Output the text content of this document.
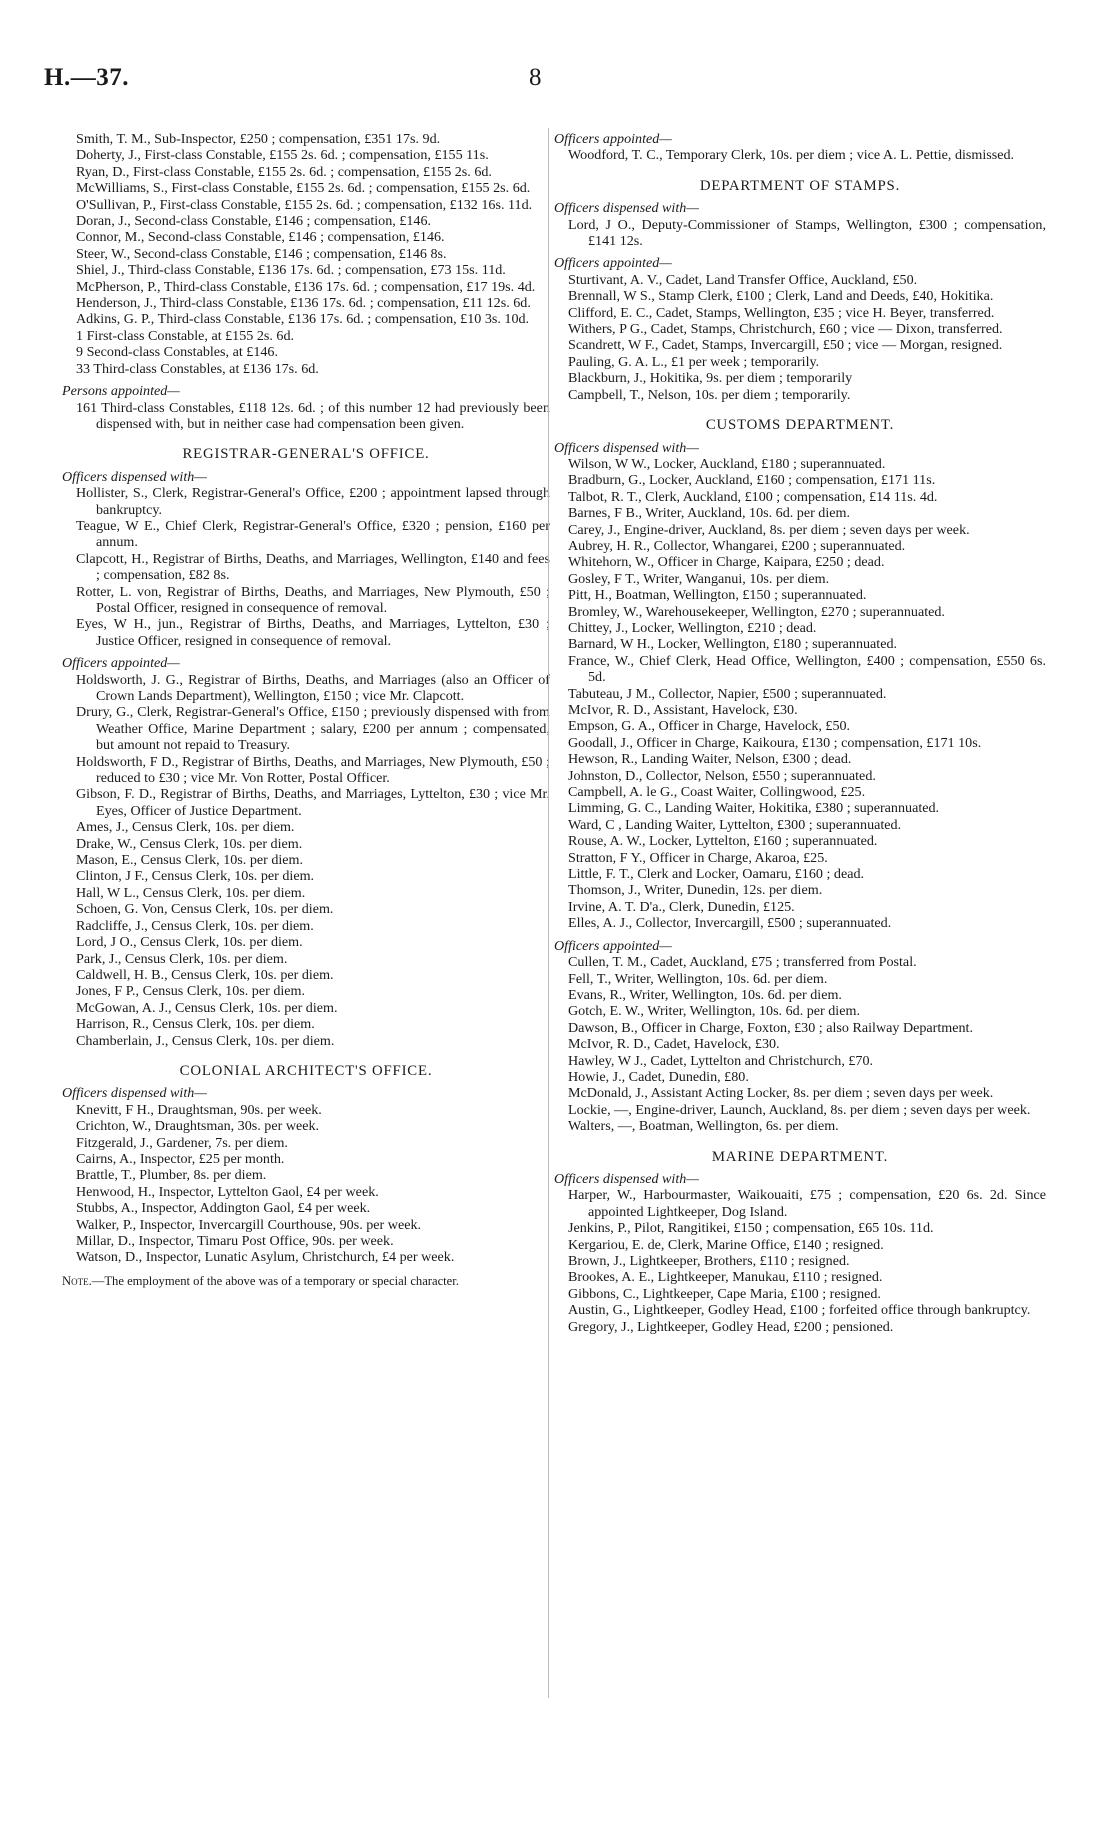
H.—37.	8
Smith, T. M., Sub-Inspector, £250 ; compensation, £351 17s. 9d.
Doherty, J., First-class Constable, £155 2s. 6d. ; compensation, £155 11s.
Ryan, D., First-class Constable, £155 2s. 6d. ; compensation, £155 2s. 6d.
McWilliams, S., First-class Constable, £155 2s. 6d. ; compensation, £155 2s. 6d.
O'Sullivan, P., First-class Constable, £155 2s. 6d. ; compensation, £132 16s. 11d.
Doran, J., Second-class Constable, £146 ; compensation, £146.
Connor, M., Second-class Constable, £146 ; compensation, £146.
Steer, W., Second-class Constable, £146 ; compensation, £146 8s.
Shiel, J., Third-class Constable, £136 17s. 6d. ; compensation, £73 15s. 11d.
McPherson, P., Third-class Constable, £136 17s. 6d. ; compensation, £17 19s. 4d.
Henderson, J., Third-class Constable, £136 17s. 6d. ; compensation, £11 12s. 6d.
Adkins, G. P., Third-class Constable, £136 17s. 6d. ; compensation, £10 3s. 10d.
1 First-class Constable, at £155 2s. 6d.
9 Second-class Constables, at £146.
33 Third-class Constables, at £136 17s. 6d.
Persons appointed—
161 Third-class Constables, £118 12s. 6d. ; of this number 12 had previously been dispensed with, but in neither case had compensation been given.
REGISTRAR-GENERAL'S OFFICE.
Officers dispensed with—
Hollister, S., Clerk, Registrar-General's Office, £200 ; appointment lapsed through bankruptcy.
Teague, W E., Chief Clerk, Registrar-General's Office, £320 ; pension, £160 per annum.
Clapcott, H., Registrar of Births, Deaths, and Marriages, Wellington, £140 and fees ; compensation, £82 8s.
Rotter, L. von, Registrar of Births, Deaths, and Marriages, New Plymouth, £50 ; Postal Officer, resigned in consequence of removal.
Eyes, W H., jun., Registrar of Births, Deaths, and Marriages, Lyttelton, £30 ; Justice Officer, resigned in consequence of removal.
Officers appointed—
Holdsworth, J. G., Registrar of Births, Deaths, and Marriages (also an Officer of Crown Lands Department), Wellington, £150 ; vice Mr. Clapcott.
Drury, G., Clerk, Registrar-General's Office, £150 ; previously dispensed with from Weather Office, Marine Department ; salary, £200 per annum ; compensated, but amount not repaid to Treasury.
Holdsworth, F D., Registrar of Births, Deaths, and Marriages, New Plymouth, £50 ; reduced to £30 ; vice Mr. Von Rotter, Postal Officer.
Gibson, F. D., Registrar of Births, Deaths, and Marriages, Lyttelton, £30 ; vice Mr. Eyes, Officer of Justice Department.
Ames, J., Census Clerk, 10s. per diem.
Drake, W., Census Clerk, 10s. per diem.
Mason, E., Census Clerk, 10s. per diem.
Clinton, J F., Census Clerk, 10s. per diem.
Hall, W L., Census Clerk, 10s. per diem.
Schoen, G. Von, Census Clerk, 10s. per diem.
Radcliffe, J., Census Clerk, 10s. per diem.
Lord, J O., Census Clerk, 10s. per diem.
Park, J., Census Clerk, 10s. per diem.
Caldwell, H. B., Census Clerk, 10s. per diem.
Jones, F P., Census Clerk, 10s. per diem.
McGowan, A. J., Census Clerk, 10s. per diem.
Harrison, R., Census Clerk, 10s. per diem.
Chamberlain, J., Census Clerk, 10s. per diem.
COLONIAL ARCHITECT'S OFFICE.
Officers dispensed with—
Knevitt, F H., Draughtsman, 90s. per week.
Crichton, W., Draughtsman, 30s. per week.
Fitzgerald, J., Gardener, 7s. per diem.
Cairns, A., Inspector, £25 per month.
Brattle, T., Plumber, 8s. per diem.
Henwood, H., Inspector, Lyttelton Gaol, £4 per week.
Stubbs, A., Inspector, Addington Gaol, £4 per week.
Walker, P., Inspector, Invercargill Courthouse, 90s. per week.
Millar, D., Inspector, Timaru Post Office, 90s. per week.
Watson, D., Inspector, Lunatic Asylum, Christchurch, £4 per week.
Note.—The employment of the above was of a temporary or special character.
Officers appointed—
Woodford, T. C., Temporary Clerk, 10s. per diem ; vice A. L. Pettie, dismissed.
DEPARTMENT OF STAMPS.
Officers dispensed with—
Lord, J O., Deputy-Commissioner of Stamps, Wellington, £300 ; compensation, £141 12s.
Officers appointed—
Sturtivant, A. V., Cadet, Land Transfer Office, Auckland, £50.
Brennall, W S., Stamp Clerk, £100 ; Clerk, Land and Deeds, £40, Hokitika.
Clifford, E. C., Cadet, Stamps, Wellington, £35 ; vice H. Beyer, transferred.
Withers, P G., Cadet, Stamps, Christchurch, £60 ; vice — Dixon, transferred.
Scandrett, W F., Cadet, Stamps, Invercargill, £50 ; vice — Morgan, resigned.
Pauling, G. A. L., £1 per week ; temporarily.
Blackburn, J., Hokitika, 9s. per diem ; temporarily
Campbell, T., Nelson, 10s. per diem ; temporarily.
CUSTOMS DEPARTMENT.
Officers dispensed with—
Wilson, W W., Locker, Auckland, £180 ; superannuated.
Bradburn, G., Locker, Auckland, £160 ; compensation, £171 11s.
Talbot, R. T., Clerk, Auckland, £100 ; compensation, £14 11s. 4d.
Barnes, F B., Writer, Auckland, 10s. 6d. per diem.
Carey, J., Engine-driver, Auckland, 8s. per diem ; seven days per week.
Aubrey, H. R., Collector, Whangarei, £200 ; superannuated.
Whitehorn, W., Officer in Charge, Kaipara, £250 ; dead.
Gosley, F T., Writer, Wanganui, 10s. per diem.
Pitt, H., Boatman, Wellington, £150 ; superannuated.
Bromley, W., Warehousekeeper, Wellington, £270 ; superannuated.
Chittey, J., Locker, Wellington, £210 ; dead.
Barnard, W H., Locker, Wellington, £180 ; superannuated.
France, W., Chief Clerk, Head Office, Wellington, £400 ; compensation, £550 6s. 5d.
Tabuteau, J M., Collector, Napier, £500 ; superannuated.
McIvor, R. D., Assistant, Havelock, £30.
Empson, G. A., Officer in Charge, Havelock, £50.
Goodall, J., Officer in Charge, Kaikoura, £130 ; compensation, £171 10s.
Hewson, R., Landing Waiter, Nelson, £300 ; dead.
Johnston, D., Collector, Nelson, £550 ; superannuated.
Campbell, A. le G., Coast Waiter, Collingwood, £25.
Limming, G. C., Landing Waiter, Hokitika, £380 ; superannuated.
Ward, C , Landing Waiter, Lyttelton, £300 ; superannuated.
Rouse, A. W., Locker, Lyttelton, £160 ; superannuated.
Stratton, F Y., Officer in Charge, Akaroa, £25.
Little, F. T., Clerk and Locker, Oamaru, £160 ; dead.
Thomson, J., Writer, Dunedin, 12s. per diem.
Irvine, A. T. D'a., Clerk, Dunedin, £125.
Elles, A. J., Collector, Invercargill, £500 ; superannuated.
Officers appointed—
Cullen, T. M., Cadet, Auckland, £75 ; transferred from Postal.
Fell, T., Writer, Wellington, 10s. 6d. per diem.
Evans, R., Writer, Wellington, 10s. 6d. per diem.
Gotch, E. W., Writer, Wellington, 10s. 6d. per diem.
Dawson, B., Officer in Charge, Foxton, £30 ; also Railway Department.
McIvor, R. D., Cadet, Havelock, £30.
Hawley, W J., Cadet, Lyttelton and Christchurch, £70.
Howie, J., Cadet, Dunedin, £80.
McDonald, J., Assistant Acting Locker, 8s. per diem ; seven days per week.
Lockie, —, Engine-driver, Launch, Auckland, 8s. per diem ; seven days per week.
Walters, —, Boatman, Wellington, 6s. per diem.
MARINE DEPARTMENT.
Officers dispensed with—
Harper, W., Harbourmaster, Waikouaiti, £75 ; compensation, £20 6s. 2d. Since appointed Lightkeeper, Dog Island.
Jenkins, P., Pilot, Rangitikei, £150 ; compensation, £65 10s. 11d.
Kergariou, E. de, Clerk, Marine Office, £140 ; resigned.
Brown, J., Lightkeeper, Brothers, £110 ; resigned.
Brookes, A. E., Lightkeeper, Manukau, £110 ; resigned.
Gibbons, C., Lightkeeper, Cape Maria, £100 ; resigned.
Austin, G., Lightkeeper, Godley Head, £100 ; forfeited office through bankruptcy.
Gregory, J., Lightkeeper, Godley Head, £200 ; pensioned.
